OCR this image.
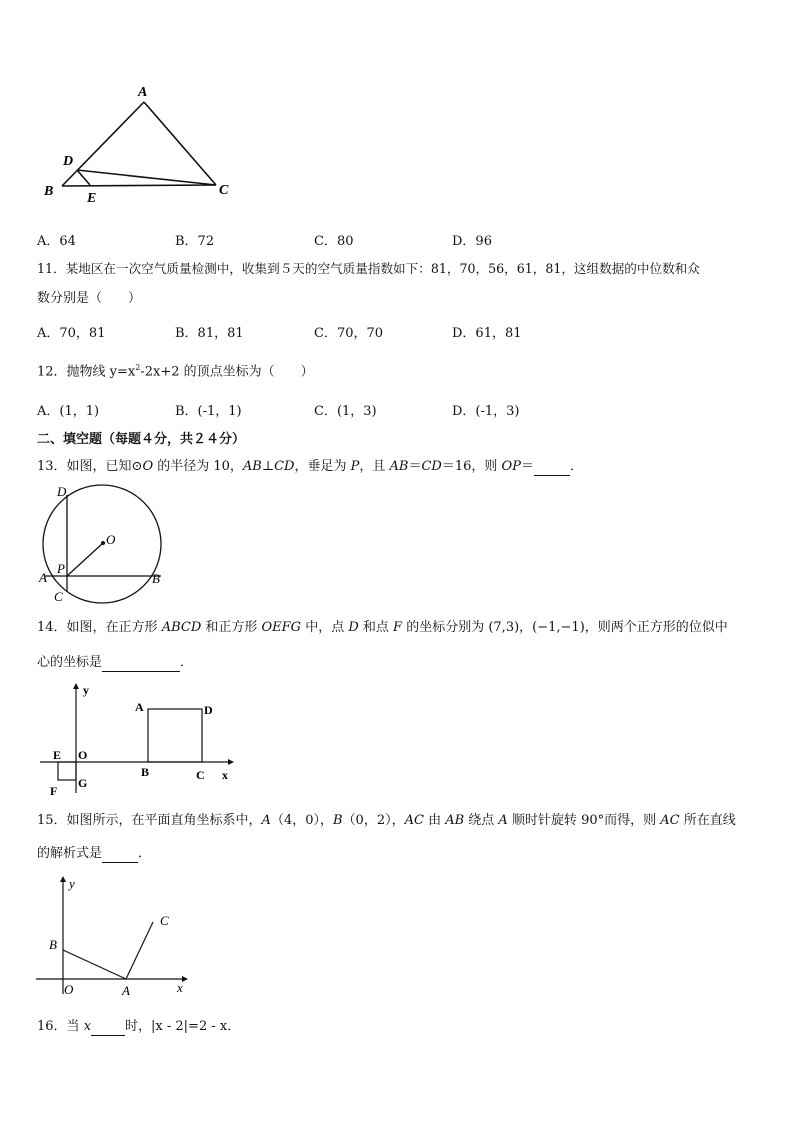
A
D
B E
C
A．64	B．72	C．80	D．96
11．某地区在一次空气质量检测中，收集到５天的空气质量指数如下：81，70，56，61，81，这组数据的中位数和众
数分别是（　　）
A．70，81	B．81，81	C．70，70	D．61，81
12．抛物线 $y=x^2-2x+2$ 的顶点坐标为（　　）
A．(1，1)	B．(-1，1)	C．(1，3)	D．(-1，3)
二、填空题（每题４分，共２４分）
13．如图，已知⊙O 的半径为 10，AB⊥CD，垂足为 P，且 AB＝CD＝16，则 OP＝	．
D
O
A
P
B
C
14．如图，在正方形 ABCD 和正方形 OEFG 中，点 D 和点 F 的坐标分别为 (7,3)，(−1,−1)，则两个正方形的位似中
心的坐标是	．
y
A	D
E O
B	C x
G
F
15．如图所示，在平面直角坐标系中，A（4，0），B（0，2），AC 由 AB 绕点 A 顺时针旋转 90°而得，则 AC 所在直线
的解析式是	．
y
B
C
O	A	x
16．当 x	时，|x - 2|=2 - x．
